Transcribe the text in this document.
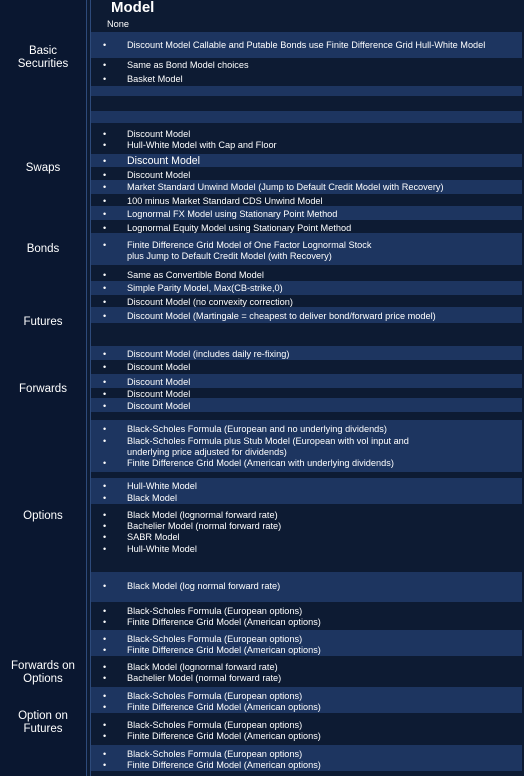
Model
None
Basic Securities
Swaps
Bonds
Futures
Forwards
Options
Forwards on Options
Option on Futures
• Discount Model Callable and Putable Bonds use Finite Difference Grid Hull-White Model
• Same as Bond Model choices
• Basket Model
• Discount Model
• Hull-White Model with Cap and Floor
• Discount Model
• Discount Model
• Market Standard Unwind Model (Jump to Default Credit Model with Recovery)
• 100 minus Market Standard CDS Unwind Model
• Lognormal FX Model using Stationary Point Method
• Lognormal Equity Model using Stationary Point Method
• Finite Difference Grid Model of One Factor Lognormal Stock
plus Jump to Default Credit Model (with Recovery)
• Same as Convertible Bond Model
• Simple Parity Model, Max(CB-strike,0)
• Discount Model (no convexity correction)
• Discount Model (Martingale = cheapest to deliver bond/forward price model)
• Discount Model (includes daily re-fixing)
• Discount Model
• Discount Model
• Discount Model
• Discount Model
• Black-Scholes Formula (European and no underlying dividends)
• Black-Scholes Formula plus Stub Model (European with vol input and
underlying price adjusted for dividends)
• Finite Difference Grid Model (American with underlying dividends)
• Hull-White Model
• Black Model
• Black Model (lognormal forward rate)
• Bachelier Model (normal forward rate)
• SABR Model
• Hull-White Model
• Black Model (log normal forward rate)
• Black-Scholes Formula (European options)
• Finite Difference Grid Model (American options)
• Black-Scholes Formula (European options)
• Finite Difference Grid Model (American options)
• Black Model (lognormal forward rate)
• Bachelier Model (normal forward rate)
• Black-Scholes Formula (European options)
• Finite Difference Grid Model (American options)
• Black-Scholes Formula (European options)
• Finite Difference Grid Model (American options)
• Black-Scholes Formula (European options)
• Finite Difference Grid Model (American options)
